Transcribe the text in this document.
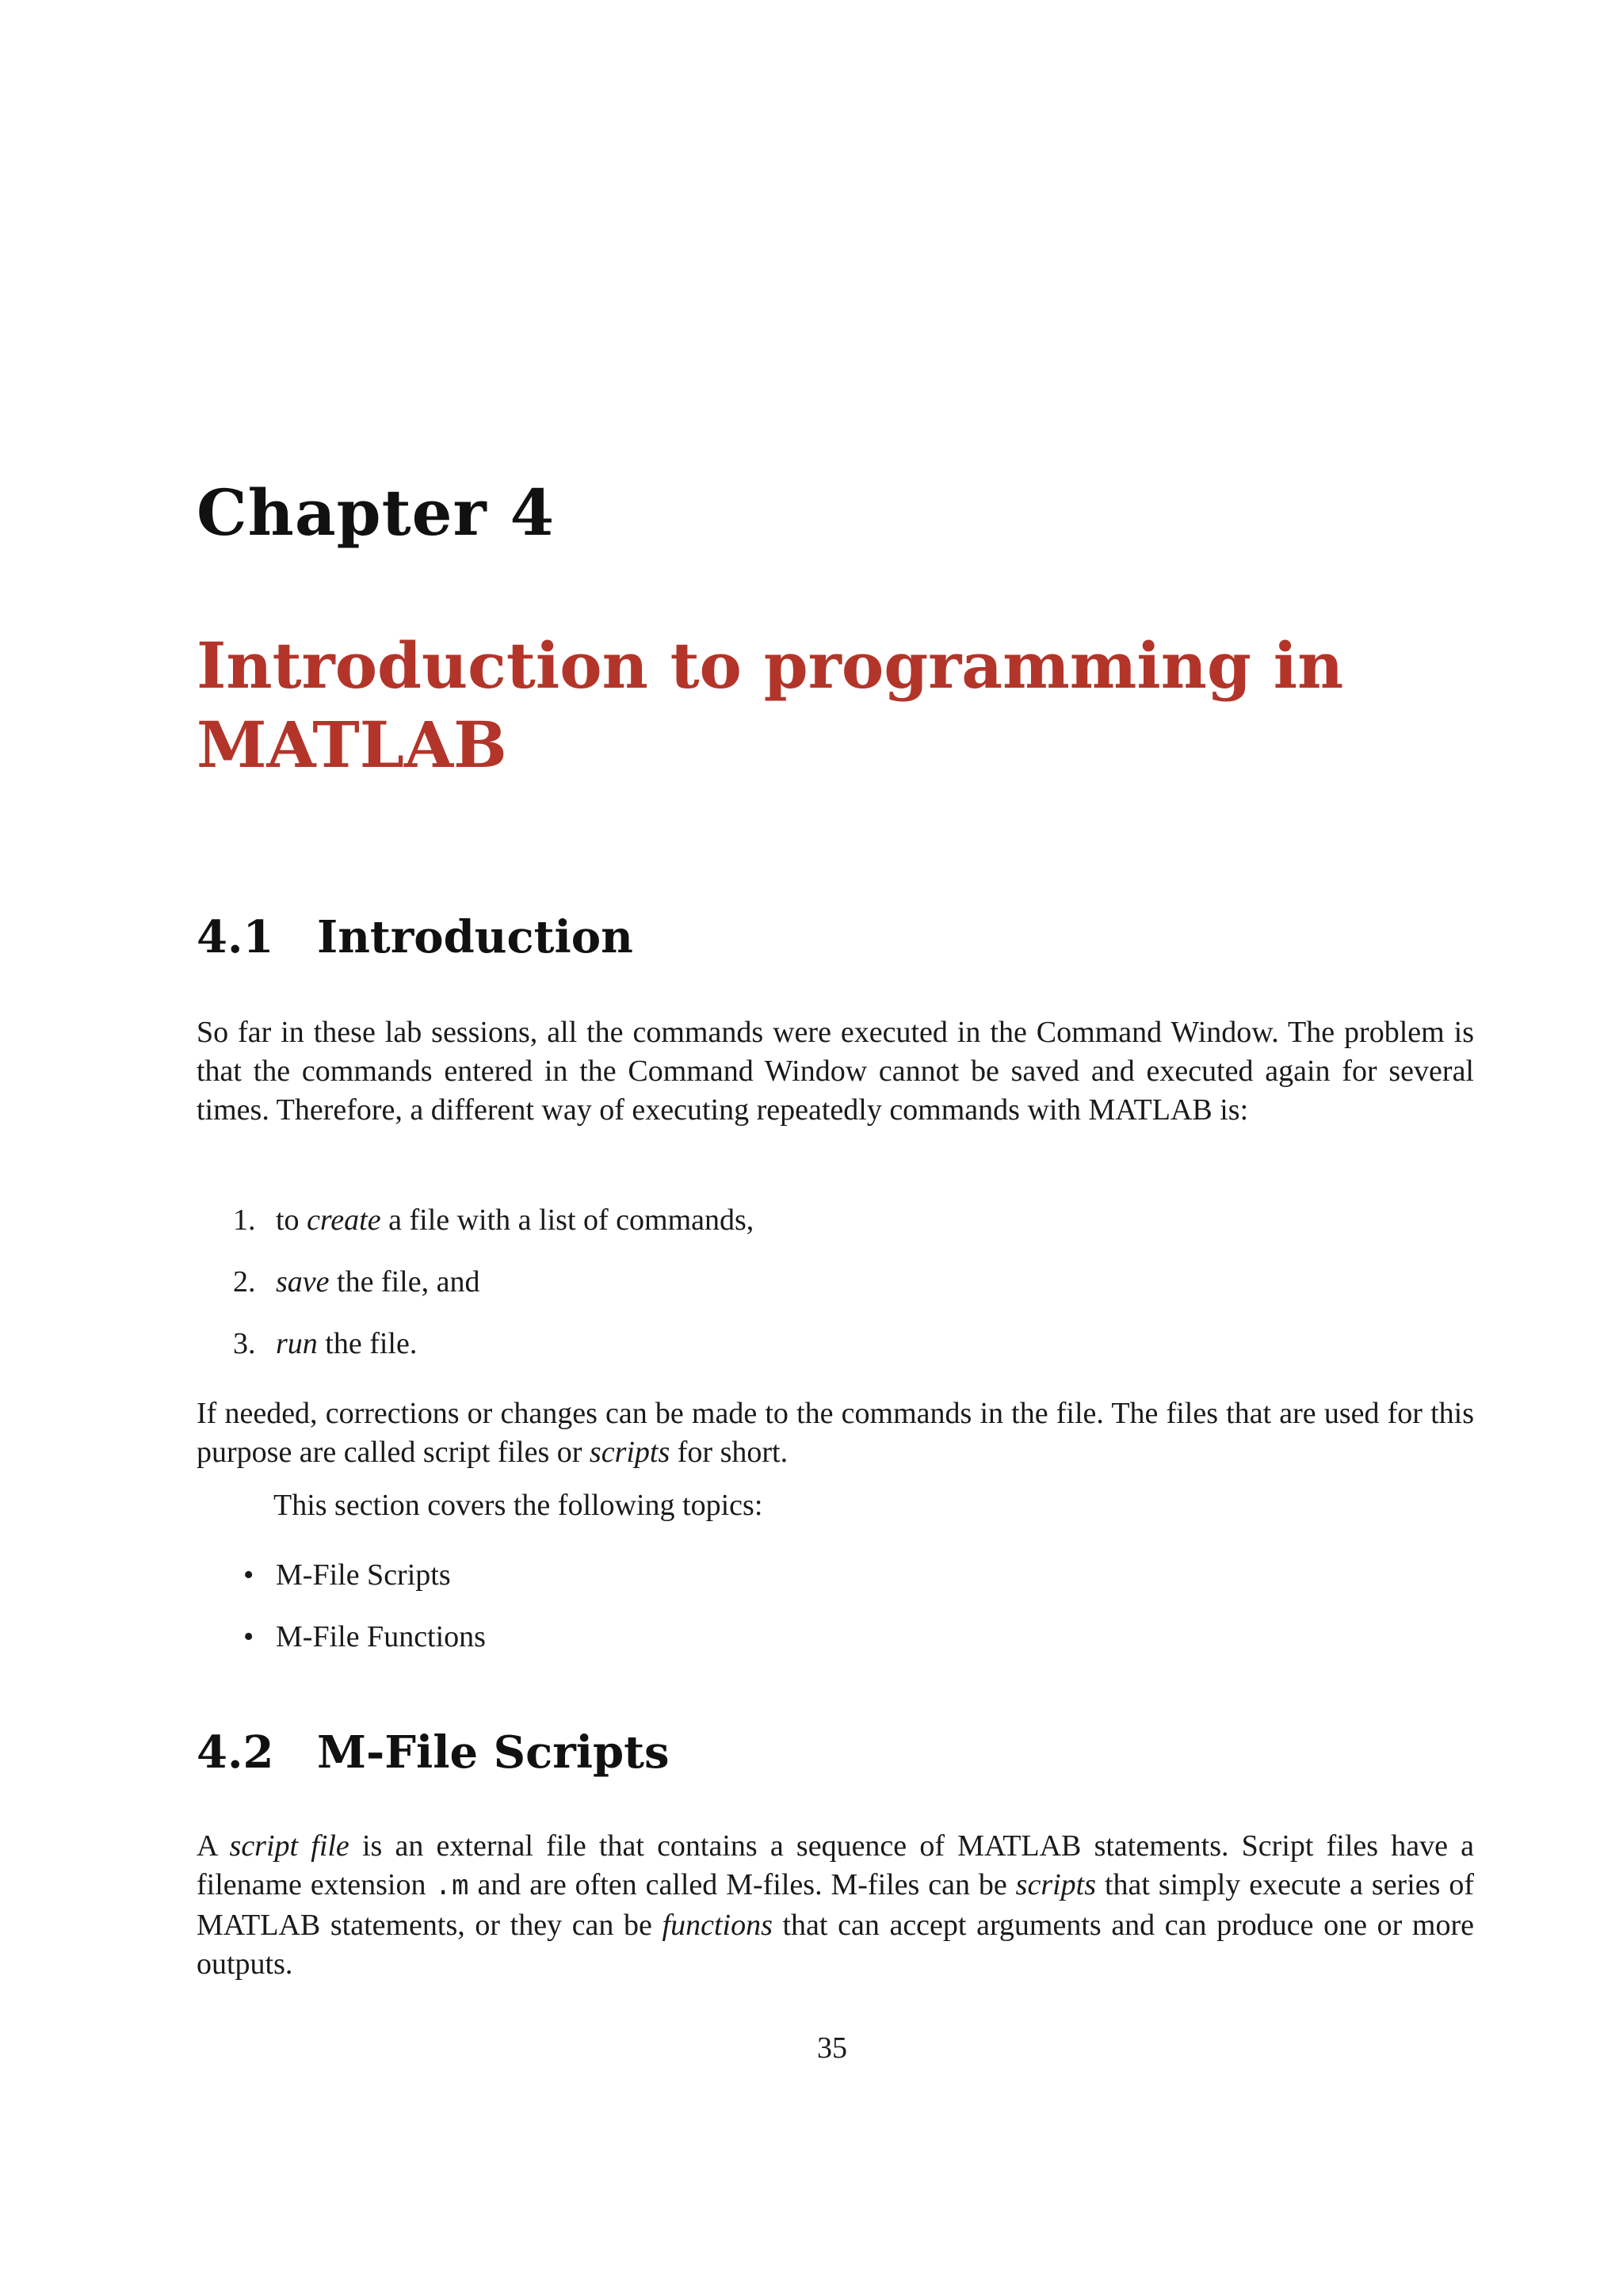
Chapter 4
Introduction to programming in
MATLAB
4.1 Introduction
So far in these lab sessions, all the commands were executed in the Command Window. The problem is that the commands entered in the Command Window cannot be saved and executed again for several times. Therefore, a different way of executing repeatedly commands with MATLAB is:
1. to create a file with a list of commands,
2. save the file, and
3. run the file.
If needed, corrections or changes can be made to the commands in the file. The files that are used for this purpose are called script files or scripts for short.
This section covers the following topics:
• M-File Scripts
• M-File Functions
4.2 M-File Scripts
A script file is an external file that contains a sequence of MATLAB statements. Script files have a filename extension .m and are often called M-files. M-files can be scripts that simply execute a series of MATLAB statements, or they can be functions that can accept arguments and can produce one or more outputs.
35
